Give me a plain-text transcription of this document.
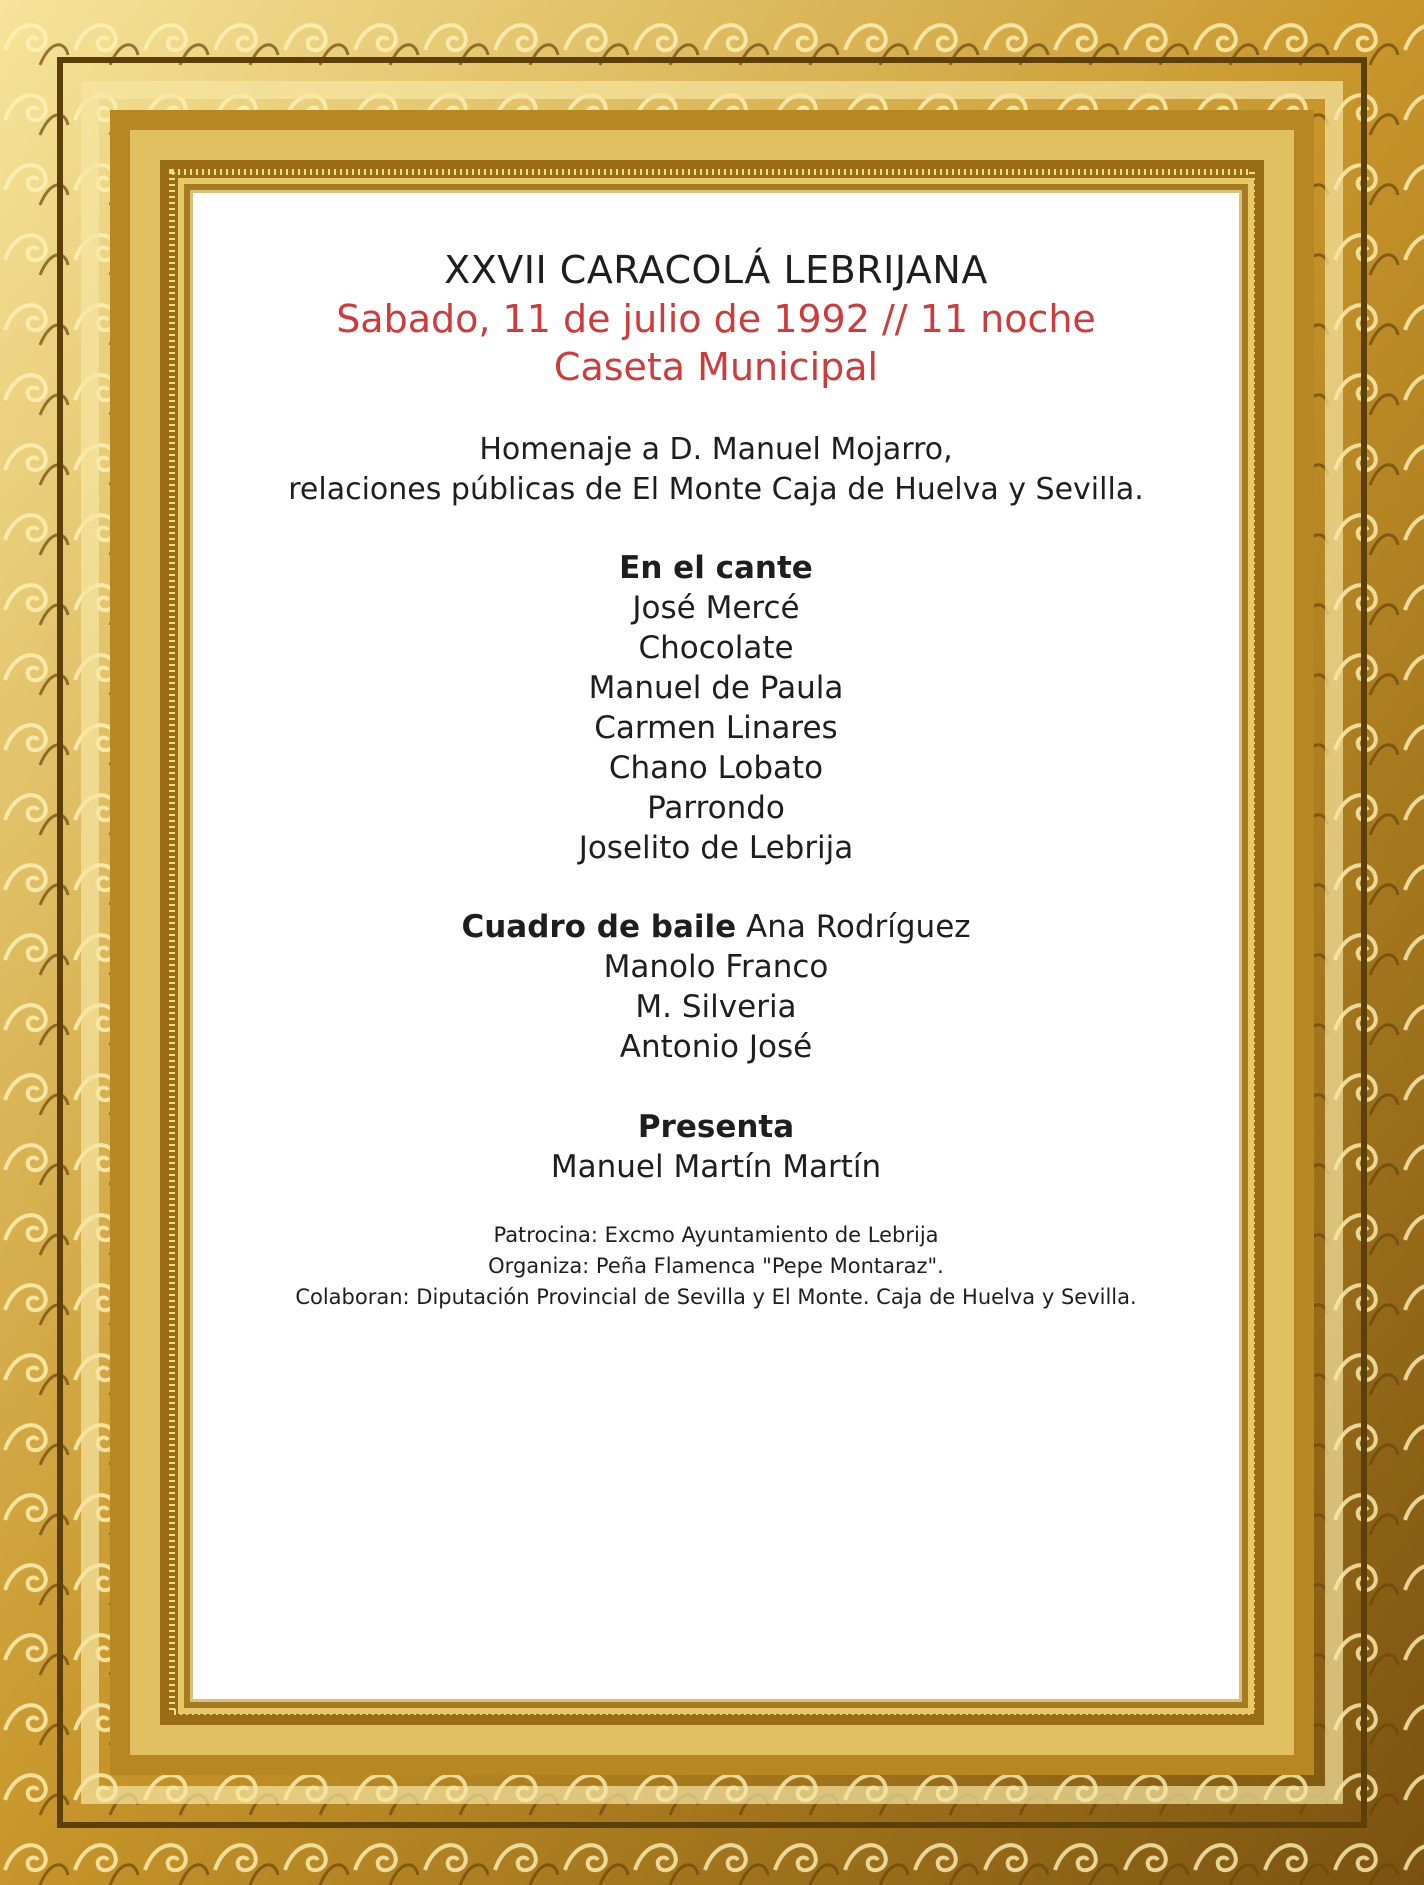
XXVII CARACOLÁ LEBRIJANA
Sabado, 11 de julio de 1992 // 11 noche
Caseta Municipal
Homenaje a D. Manuel Mojarro,
relaciones públicas de El Monte Caja de Huelva y Sevilla.
En el cante
José Mercé
Chocolate
Manuel de Paula
Carmen Linares
Chano Lobato
Parrondo
Joselito de Lebrija
Cuadro de baile Ana Rodríguez
Manolo Franco
M. Silveria
Antonio José
Presenta
Manuel Martín Martín
Patrocina: Excmo Ayuntamiento de Lebrija
Organiza: Peña Flamenca "Pepe Montaraz".
Colaboran: Diputación Provincial de Sevilla y El Monte. Caja de Huelva y Sevilla.
